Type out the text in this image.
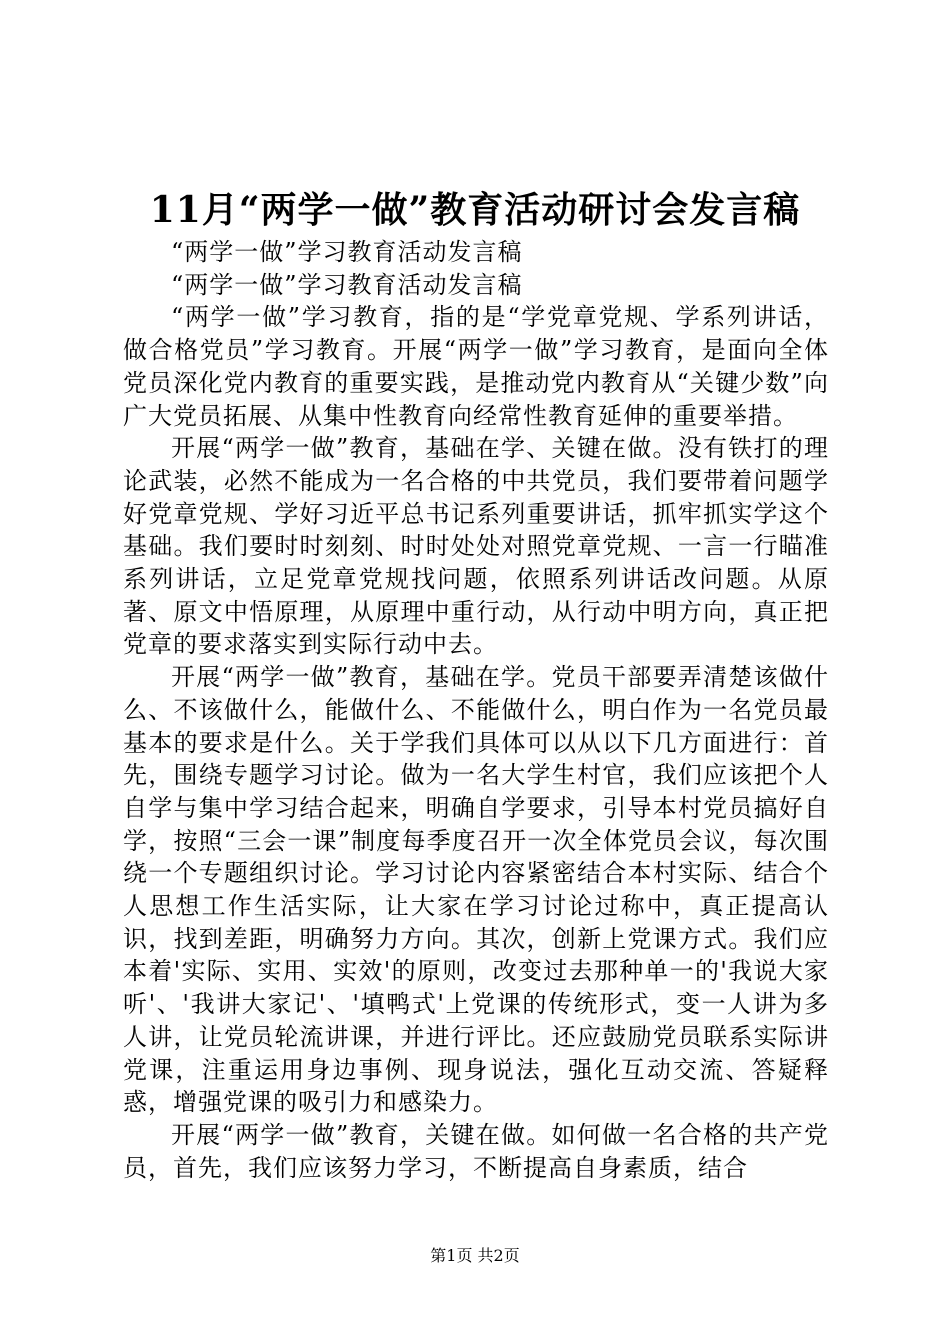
11月“两学一做”教育活动研讨会发言稿

“两学一做”学习教育活动发言稿

“两学一做”学习教育活动发言稿

“两学一做”学习教育，指的是“学党章党规、学系列讲话，做合格党员”学习教育。开展“两学一做”学习教育，是面向全体党员深化党内教育的重要实践，是推动党内教育从“关键少数”向广大党员拓展、从集中性教育向经常性教育延伸的重要举措。

开展“两学一做”教育，基础在学、关键在做。没有铁打的理论武装，必然不能成为一名合格的中共党员，我们要带着问题学好党章党规、学好习近平总书记系列重要讲话，抓牢抓实学这个基础。我们要时时刻刻、时时处处对照党章党规、一言一行瞄准系列讲话，立足党章党规找问题，依照系列讲话改问题。从原著、原文中悟原理，从原理中重行动，从行动中明方向，真正把党章的要求落实到实际行动中去。

开展“两学一做”教育，基础在学。党员干部要弄清楚该做什么、不该做什么，能做什么、不能做什么，明白作为一名党员最基本的要求是什么。关于学我们具体可以从以下几方面进行：首先，围绕专题学习讨论。做为一名大学生村官，我们应该把个人自学与集中学习结合起来，明确自学要求，引导本村党员搞好自学，按照“三会一课”制度每季度召开一次全体党员会议，每次围绕一个专题组织讨论。学习讨论内容紧密结合本村实际、结合个人思想工作生活实际，让大家在学习讨论过称中，真正提高认识，找到差距，明确努力方向。其次，创新上党课方式。我们应本着'实际、实用、实效'的原则，改变过去那种单一的'我说大家听'、'我讲大家记'、'填鸭式'上党课的传统形式，变一人讲为多人讲，让党员轮流讲课，并进行评比。还应鼓励党员联系实际讲党课，注重运用身边事例、现身说法，强化互动交流、答疑释惑，增强党课的吸引力和感染力。

开展“两学一做”教育，关键在做。如何做一名合格的共产党员，首先，我们应该努力学习，不断提高自身素质，结合

第1页 共2页
